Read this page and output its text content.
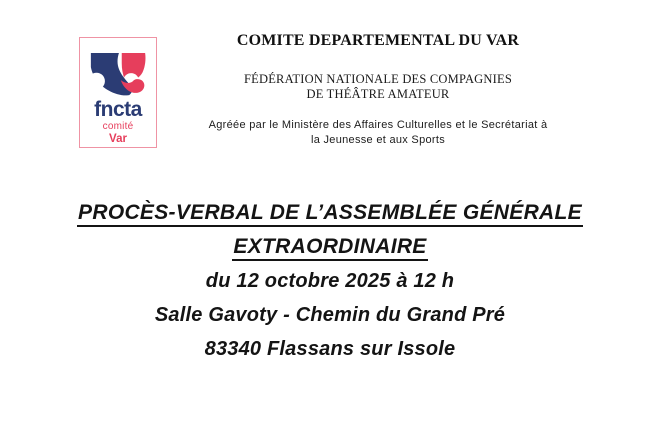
fncta
comité
Var
COMITE DEPARTEMENTAL DU VAR
FÉDÉRATION NATIONALE DES COMPAGNIES
DE THÉÂTRE AMATEUR
Agréée par le Ministère des Affaires Culturelles et le Secrétariat à
la Jeunesse et aux Sports
PROCÈS-VERBAL DE L’ASSEMBLÉE GÉNÉRALE
EXTRAORDINAIRE
du 12 octobre 2025 à 12 h
Salle Gavoty - Chemin du Grand Pré
83340 Flassans sur Issole
